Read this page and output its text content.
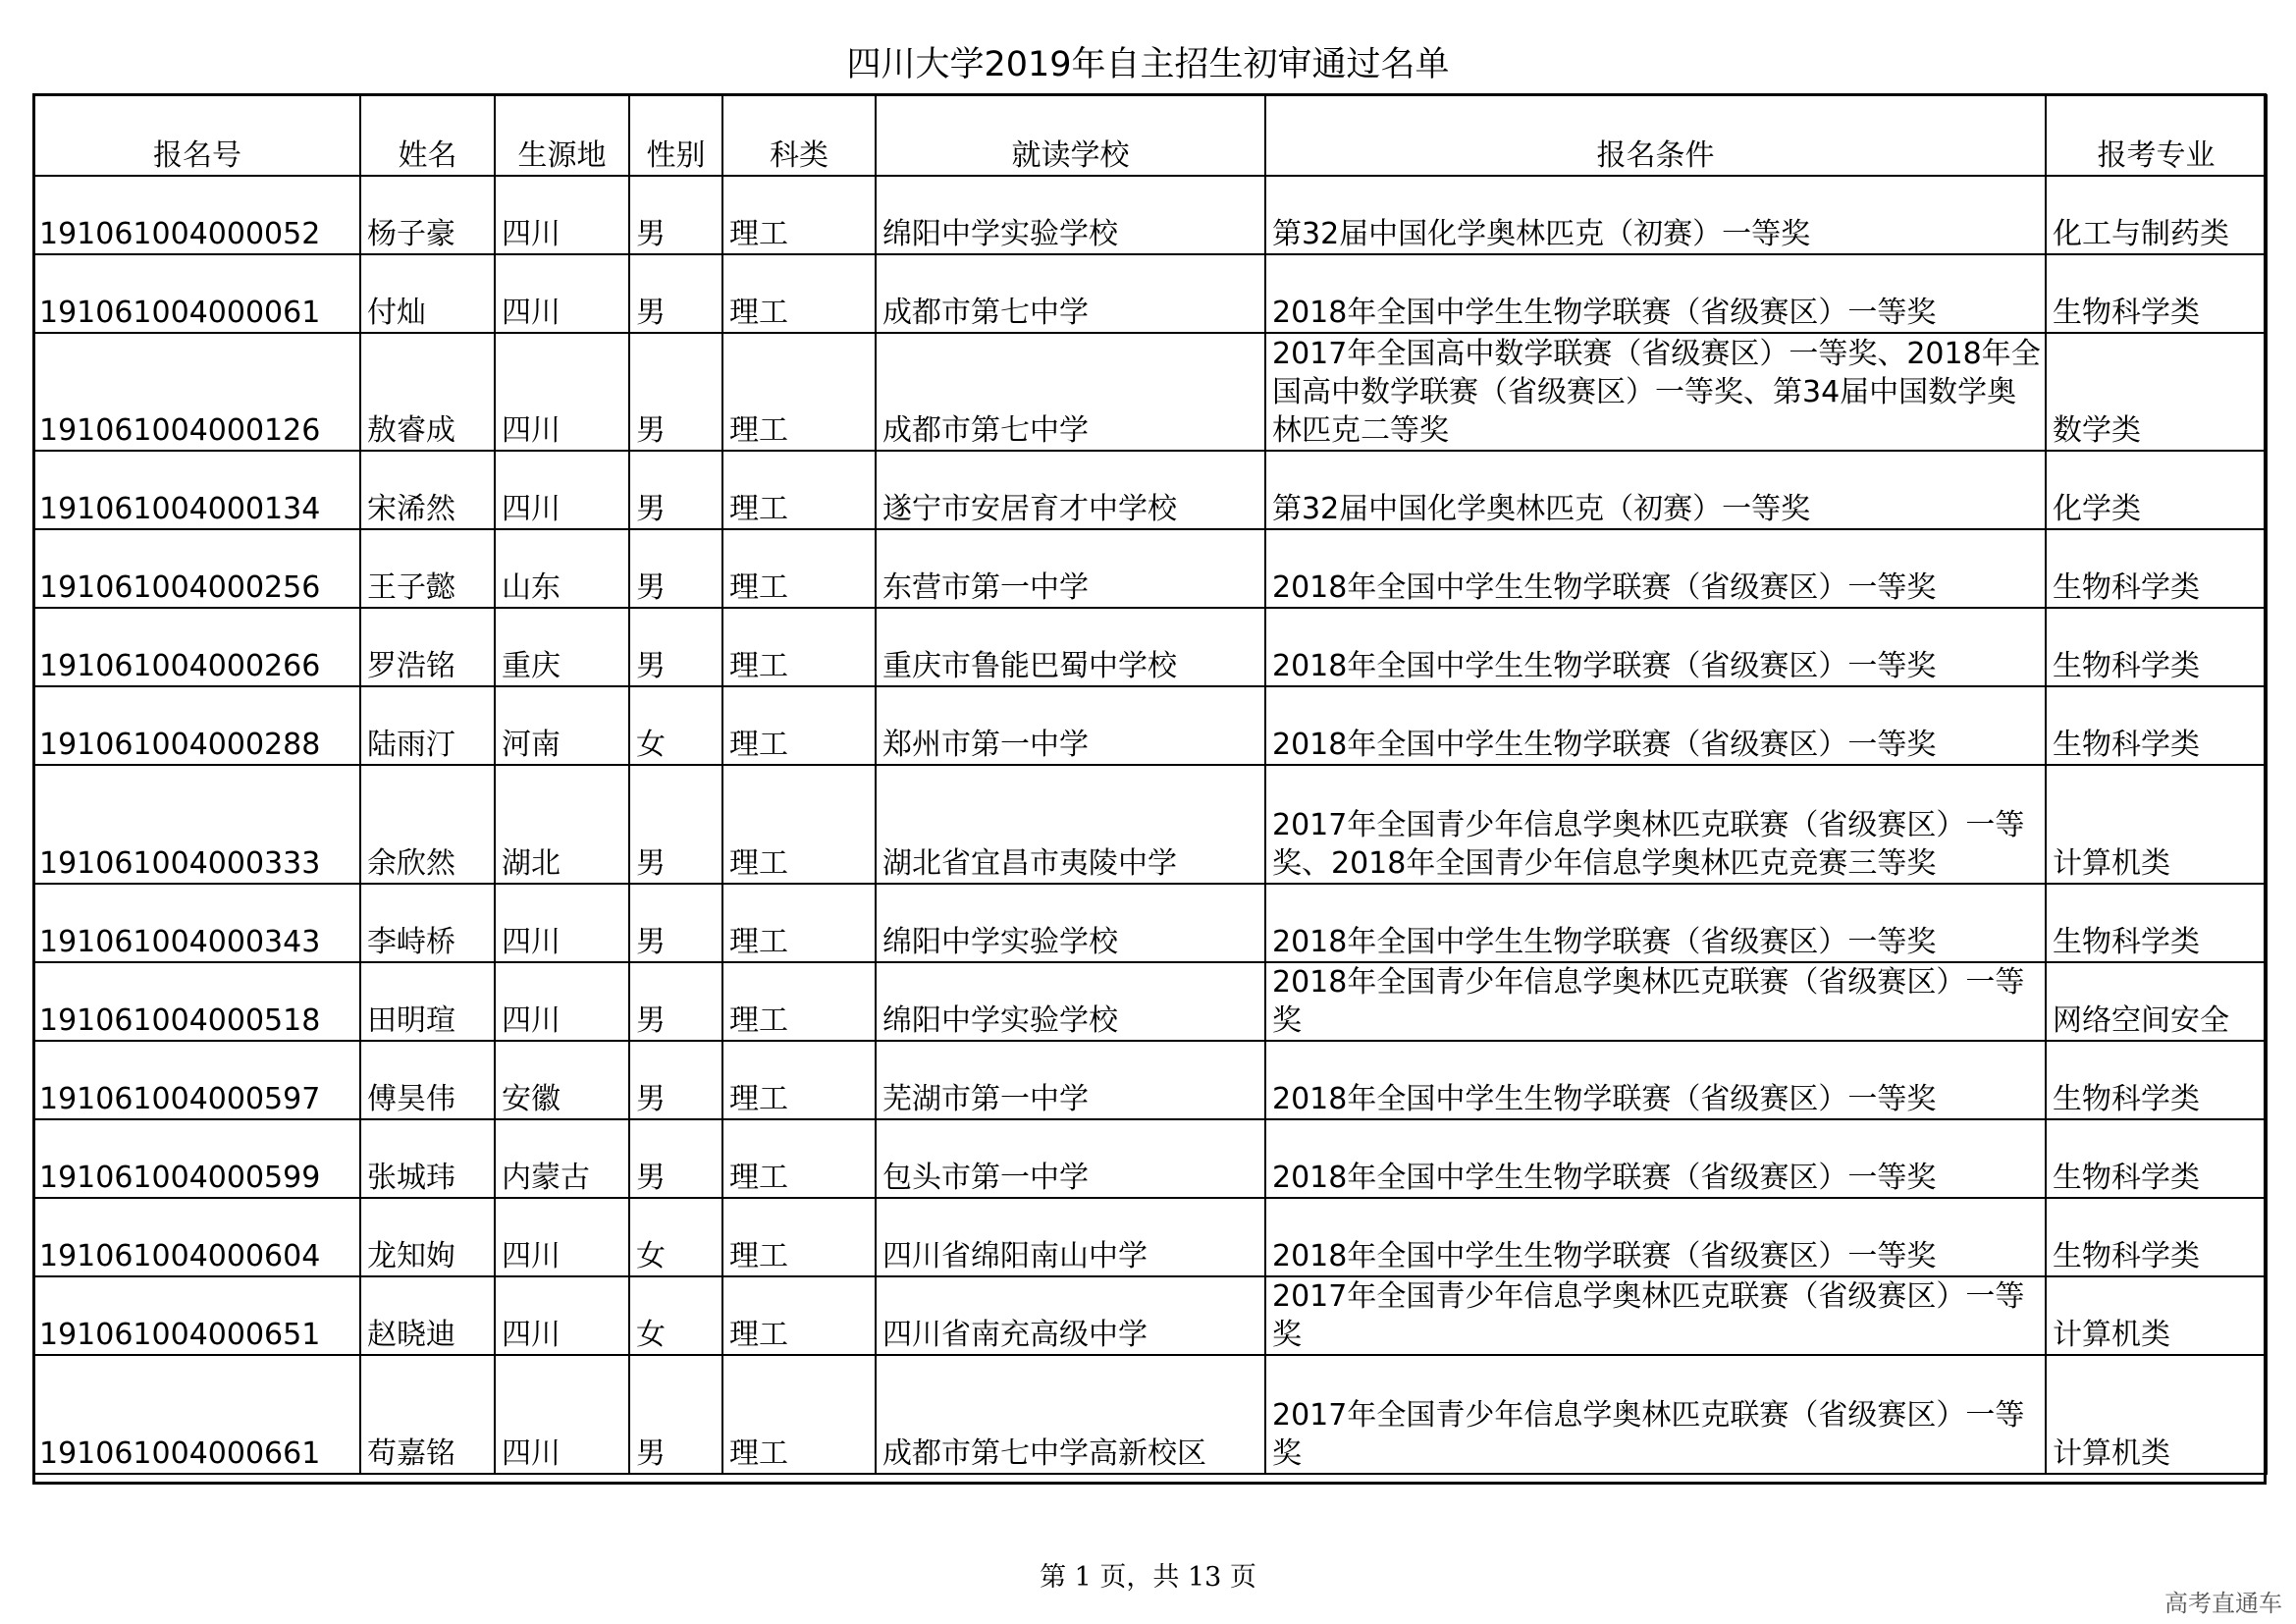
四川大学2019年自主招生初审通过名单
报名号	姓名	生源地	性别	科类	就读学校	报名条件	报考专业
191061004000052	杨子豪	四川	男	理工	绵阳中学实验学校	第32届中国化学奥林匹克（初赛）一等奖	化工与制药类
191061004000061	付灿	四川	男	理工	成都市第七中学	2018年全国中学生生物学联赛（省级赛区）一等奖	生物科学类
191061004000126	敖睿成	四川	男	理工	成都市第七中学	2017年全国高中数学联赛（省级赛区）一等奖、2018年全国高中数学联赛（省级赛区）一等奖、第34届中国数学奥林匹克二等奖	数学类
191061004000134	宋浠然	四川	男	理工	遂宁市安居育才中学校	第32届中国化学奥林匹克（初赛）一等奖	化学类
191061004000256	王子懿	山东	男	理工	东营市第一中学	2018年全国中学生生物学联赛（省级赛区）一等奖	生物科学类
191061004000266	罗浩铭	重庆	男	理工	重庆市鲁能巴蜀中学校	2018年全国中学生生物学联赛（省级赛区）一等奖	生物科学类
191061004000288	陆雨汀	河南	女	理工	郑州市第一中学	2018年全国中学生生物学联赛（省级赛区）一等奖	生物科学类
191061004000333	余欣然	湖北	男	理工	湖北省宜昌市夷陵中学	2017年全国青少年信息学奥林匹克联赛（省级赛区）一等奖、2018年全国青少年信息学奥林匹克竞赛三等奖	计算机类
191061004000343	李峙桥	四川	男	理工	绵阳中学实验学校	2018年全国中学生生物学联赛（省级赛区）一等奖	生物科学类
191061004000518	田明瑄	四川	男	理工	绵阳中学实验学校	2018年全国青少年信息学奥林匹克联赛（省级赛区）一等奖	网络空间安全
191061004000597	傅昊伟	安徽	男	理工	芜湖市第一中学	2018年全国中学生生物学联赛（省级赛区）一等奖	生物科学类
191061004000599	张城玮	内蒙古	男	理工	包头市第一中学	2018年全国中学生生物学联赛（省级赛区）一等奖	生物科学类
191061004000604	龙知姁	四川	女	理工	四川省绵阳南山中学	2018年全国中学生生物学联赛（省级赛区）一等奖	生物科学类
191061004000651	赵晓迪	四川	女	理工	四川省南充高级中学	2017年全国青少年信息学奥林匹克联赛（省级赛区）一等奖	计算机类
191061004000661	苟嘉铭	四川	男	理工	成都市第七中学高新校区	2017年全国青少年信息学奥林匹克联赛（省级赛区）一等奖	计算机类
第 1 页，共 13 页
高考直通车
